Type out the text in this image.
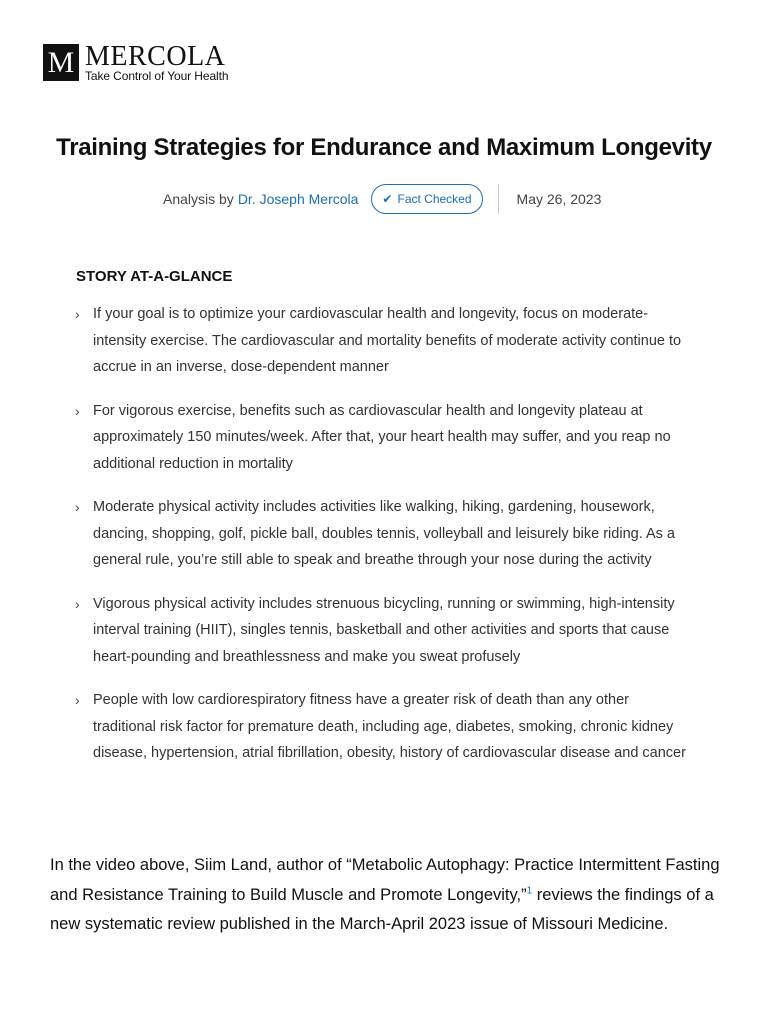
M MERCOLA
Take Control of Your Health
Training Strategies for Endurance and Maximum Longevity
Analysis by Dr. Joseph Mercola ✔ Fact Checked	May 26, 2023
STORY AT-A-GLANCE
› If your goal is to optimize your cardiovascular health and longevity, focus on moderate-intensity exercise. The cardiovascular and mortality benefits of moderate activity continue to accrue in an inverse, dose-dependent manner
› For vigorous exercise, benefits such as cardiovascular health and longevity plateau at approximately 150 minutes/week. After that, your heart health may suffer, and you reap no additional reduction in mortality
› Moderate physical activity includes activities like walking, hiking, gardening, housework, dancing, shopping, golf, pickle ball, doubles tennis, volleyball and leisurely bike riding. As a general rule, you’re still able to speak and breathe through your nose during the activity
› Vigorous physical activity includes strenuous bicycling, running or swimming, high-intensity interval training (HIIT), singles tennis, basketball and other activities and sports that cause heart-pounding and breathlessness and make you sweat profusely
› People with low cardiorespiratory fitness have a greater risk of death than any other traditional risk factor for premature death, including age, diabetes, smoking, chronic kidney disease, hypertension, atrial fibrillation, obesity, history of cardiovascular disease and cancer

In the video above, Siim Land, author of “Metabolic Autophagy: Practice Intermittent Fasting and Resistance Training to Build Muscle and Promote Longevity,”$^1$ reviews the findings of a new systematic review published in the March-April 2023 issue of Missouri Medicine.
